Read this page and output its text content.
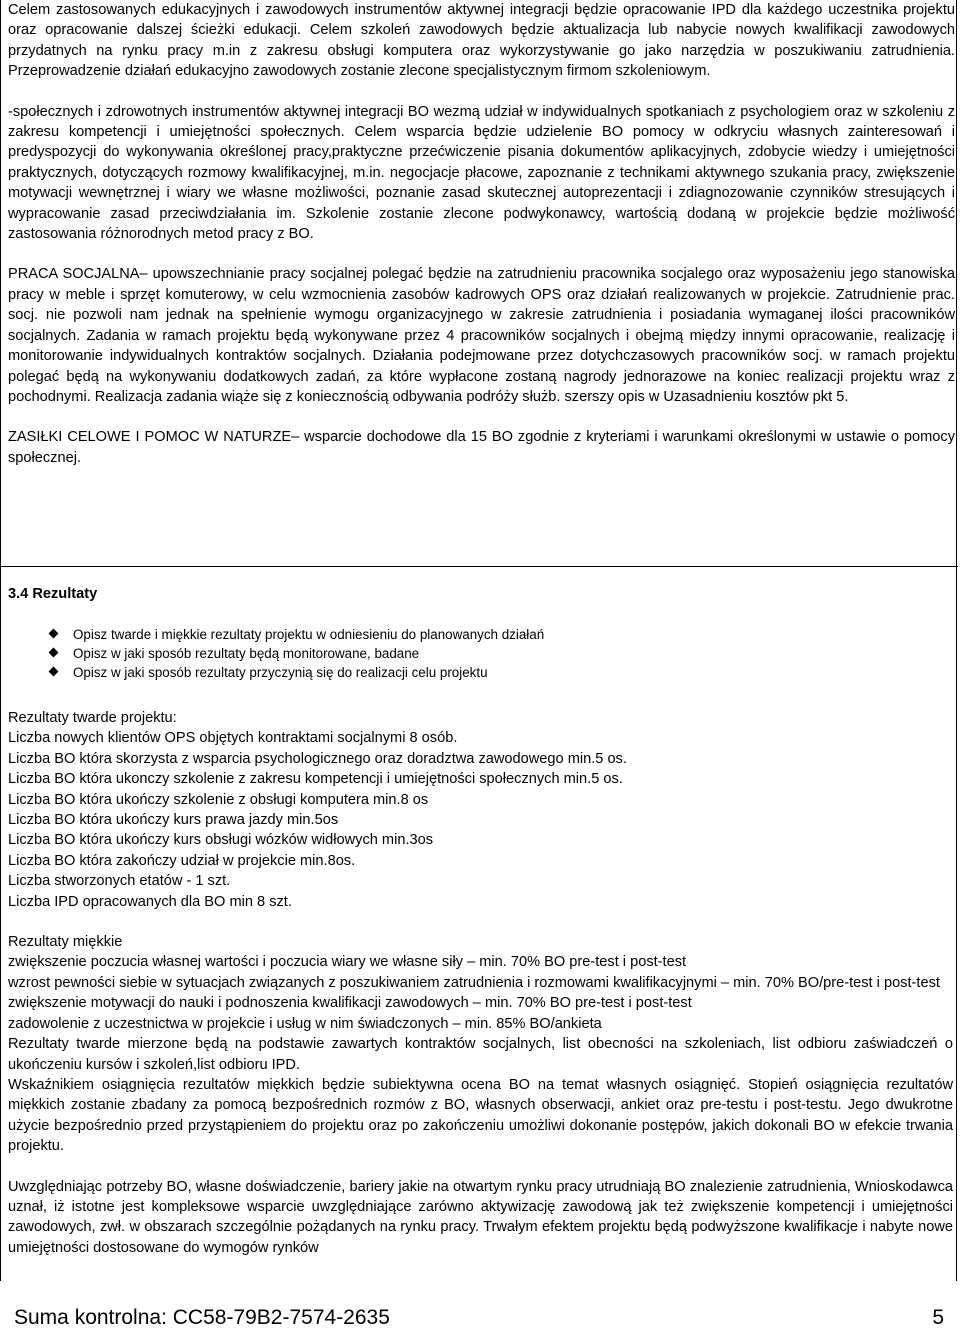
Celem zastosowanych edukacyjnych i zawodowych instrumentów aktywnej integracji będzie opracowanie IPD dla każdego uczestnika projektu oraz opracowanie dalszej ścieżki edukacji. Celem szkoleń zawodowych będzie aktualizacja lub nabycie nowych kwalifikacji zawodowych przydatnych na rynku pracy m.in z zakresu obsługi komputera oraz wykorzystywanie go jako narzędzia w poszukiwaniu zatrudnienia. Przeprowadzenie działań edukacyjno zawodowych zostanie zlecone specjalistycznym firmom szkoleniowym.

-społecznych i zdrowotnych instrumentów aktywnej integracji BO wezmą udział w indywidualnych spotkaniach z psychologiem oraz w szkoleniu z zakresu kompetencji i umiejętności społecznych. Celem wsparcia będzie udzielenie BO pomocy w odkryciu własnych zainteresowań i predyspozycji do wykonywania określonej pracy,praktyczne przećwiczenie pisania dokumentów aplikacyjnych, zdobycie wiedzy i umiejętności praktycznych, dotyczących rozmowy kwalifikacyjnej, m.in. negocjacje płacowe, zapoznanie z technikami aktywnego szukania pracy, zwiększenie motywacji wewnętrznej i wiary we własne możliwości, poznanie zasad skutecznej autoprezentacji i zdiagnozowanie czynników stresujących i wypracowanie zasad przeciwdziałania im. Szkolenie zostanie zlecone podwykonawcy, wartością dodaną w projekcie będzie możliwość zastosowania różnorodnych metod pracy z BO.

PRACA SOCJALNA– upowszechnianie pracy socjalnej polegać będzie na zatrudnieniu pracownika socjalego oraz wyposażeniu jego stanowiska pracy w meble i sprzęt komuterowy, w celu wzmocnienia zasobów kadrowych OPS oraz działań realizowanych w projekcie. Zatrudnienie prac. socj. nie pozwoli nam jednak na spełnienie wymogu organizacyjnego w zakresie zatrudnienia i posiadania wymaganej ilości pracowników socjalnych. Zadania w ramach projektu będą wykonywane przez 4 pracowników socjalnych i obejmą między innymi opracowanie, realizację i monitorowanie indywidualnych kontraktów socjalnych. Działania podejmowane przez dotychczasowych pracowników socj. w ramach projektu polegać będą na wykonywaniu dodatkowych zadań, za które wypłacone zostaną nagrody jednorazowe na koniec realizacji projektu wraz z pochodnymi. Realizacja zadania wiąże się z koniecznością odbywania podróży służb. szerszy opis w Uzasadnieniu kosztów pkt 5.

ZASIŁKI CELOWE I POMOC W NATURZE– wsparcie dochodowe dla 15 BO zgodnie z kryteriami i warunkami określonymi w ustawie o pomocy społecznej.

3.4 Rezultaty

Opisz twarde i miękkie rezultaty projektu w odniesieniu do planowanych działań
Opisz w jaki sposób rezultaty będą monitorowane, badane
Opisz w jaki sposób rezultaty przyczynią się do realizacji celu projektu

Rezultaty twarde projektu:

Liczba nowych klientów OPS objętych kontraktami socjalnymi 8 osób.

Liczba BO która skorzysta z wsparcia psychologicznego oraz doradztwa zawodowego min.5 os.

Liczba BO która ukonczy szkolenie z zakresu kompetencji i umiejętności społecznych min.5 os.

Liczba BO która ukończy szkolenie z obsługi komputera min.8 os

Liczba BO która ukończy kurs prawa jazdy min.5os

Liczba BO która ukończy kurs obsługi wózków widłowych min.3os

Liczba BO która zakończy udział w projekcie min.8os.

Liczba stworzonych etatów - 1 szt.

Liczba IPD opracowanych dla BO min 8 szt.

Rezultaty miękkie

zwiększenie poczucia własnej wartości i poczucia wiary we własne siły – min. 70% BO pre-test i post-test

wzrost pewności siebie w sytuacjach związanych z poszukiwaniem zatrudnienia i rozmowami kwalifikacyjnymi – min. 70% BO/pre-test i post-test

zwiększenie motywacji do nauki i podnoszenia kwalifikacji zawodowych – min. 70% BO pre-test i post-test

zadowolenie z uczestnictwa w projekcie i usług w nim świadczonych – min. 85% BO/ankieta

Rezultaty twarde mierzone będą na podstawie zawartych kontraktów socjalnych, list obecności na szkoleniach, list odbioru zaświadczeń o ukończeniu kursów i szkoleń,list odbioru IPD.

Wskaźnikiem osiągnięcia rezultatów miękkich będzie subiektywna ocena BO na temat własnych osiągnięć. Stopień osiągnięcia rezultatów miękkich zostanie zbadany za pomocą bezpośrednich rozmów z BO, własnych obserwacji, ankiet oraz pre-testu i post-testu. Jego dwukrotne użycie bezpośrednio przed przystąpieniem do projektu oraz po zakończeniu umożliwi dokonanie postępów, jakich dokonali BO w efekcie trwania projektu.

Uwzględniając potrzeby BO, własne doświadczenie, bariery jakie na otwartym rynku pracy utrudniają BO znalezienie zatrudnienia, Wnioskodawca uznał, iż istotne jest kompleksowe wsparcie uwzględniające zarówno aktywizację zawodową jak też zwiększenie kompetencji i umiejętności zawodowych, zwł. w obszarach szczególnie pożądanych na rynku pracy. Trwałym efektem projektu będą podwyższone kwalifikacje i nabyte nowe umiejętności dostosowane do wymogów rynków

Suma kontrolna: CC58-79B2-7574-2635	5
